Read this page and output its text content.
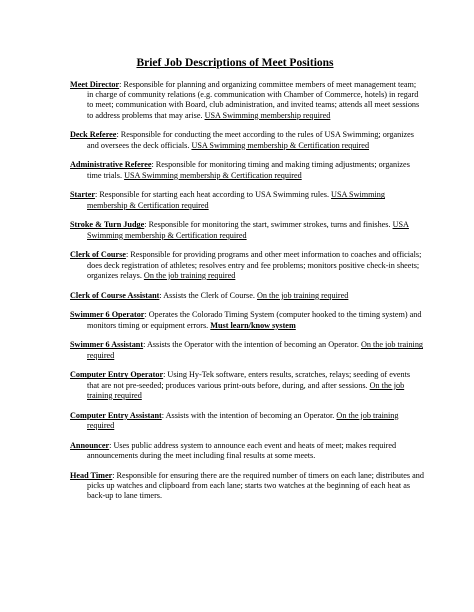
Brief Job Descriptions of Meet Positions
Meet Director: Responsible for planning and organizing committee members of meet management team; in charge of community relations (e.g. communication with Chamber of Commerce, hotels) in regard to meet; communication with Board, club administration, and invited teams; attends all meet sessions to address problems that may arise. USA Swimming membership required
Deck Referee: Responsible for conducting the meet according to the rules of USA Swimming; organizes and oversees the deck officials. USA Swimming membership & Certification required
Administrative Referee: Responsible for monitoring timing and making timing adjustments; organizes time trials. USA Swimming membership & Certification required
Starter: Responsible for starting each heat according to USA Swimming rules. USA Swimming membership & Certification required
Stroke & Turn Judge: Responsible for monitoring the start, swimmer strokes, turns and finishes. USA Swimming membership & Certification required
Clerk of Course: Responsible for providing programs and other meet information to coaches and officials; does deck registration of athletes; resolves entry and fee problems; monitors positive check-in sheets; organizes relays. On the job training required
Clerk of Course Assistant: Assists the Clerk of Course. On the job training required
Swimmer 6 Operator: Operates the Colorado Timing System (computer hooked to the timing system) and monitors timing or equipment errors. Must learn/know system
Swimmer 6 Assistant: Assists the Operator with the intention of becoming an Operator. On the job training required
Computer Entry Operator: Using Hy-Tek software, enters results, scratches, relays; seeding of events that are not pre-seeded; produces various print-outs before, during, and after sessions. On the job training required
Computer Entry Assistant: Assists with the intention of becoming an Operator. On the job training required
Announcer: Uses public address system to announce each event and heats of meet; makes required announcements during the meet including final results at some meets.
Head Timer: Responsible for ensuring there are the required number of timers on each lane; distributes and picks up watches and clipboard from each lane; starts two watches at the beginning of each heat as back-up to lane timers.
